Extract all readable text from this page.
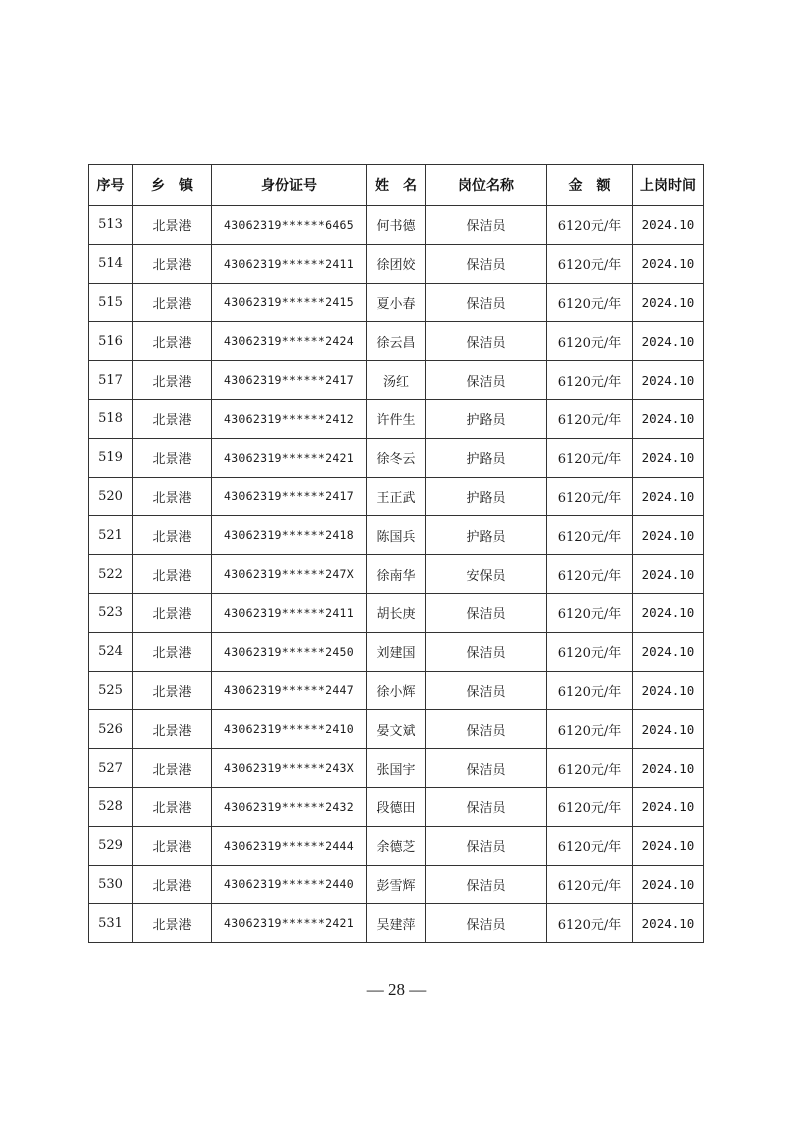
序号	乡　镇	身份证号	姓　名	岗位名称	金　额	上岗时间
513	北景港	43062319******6465	何书德	保洁员	6120元/年	2024.10
514	北景港	43062319******2411	徐团姣	保洁员	6120元/年	2024.10
515	北景港	43062319******2415	夏小春	保洁员	6120元/年	2024.10
516	北景港	43062319******2424	徐云昌	保洁员	6120元/年	2024.10
517	北景港	43062319******2417	汤红	保洁员	6120元/年	2024.10
518	北景港	43062319******2412	许件生	护路员	6120元/年	2024.10
519	北景港	43062319******2421	徐冬云	护路员	6120元/年	2024.10
520	北景港	43062319******2417	王正武	护路员	6120元/年	2024.10
521	北景港	43062319******2418	陈国兵	护路员	6120元/年	2024.10
522	北景港	43062319******247X	徐南华	安保员	6120元/年	2024.10
523	北景港	43062319******2411	胡长庚	保洁员	6120元/年	2024.10
524	北景港	43062319******2450	刘建国	保洁员	6120元/年	2024.10
525	北景港	43062319******2447	徐小辉	保洁员	6120元/年	2024.10
526	北景港	43062319******2410	晏文斌	保洁员	6120元/年	2024.10
527	北景港	43062319******243X	张国宇	保洁员	6120元/年	2024.10
528	北景港	43062319******2432	段德田	保洁员	6120元/年	2024.10
529	北景港	43062319******2444	余德芝	保洁员	6120元/年	2024.10
530	北景港	43062319******2440	彭雪辉	保洁员	6120元/年	2024.10
531	北景港	43062319******2421	吴建萍	保洁员	6120元/年	2024.10
— 28 —
